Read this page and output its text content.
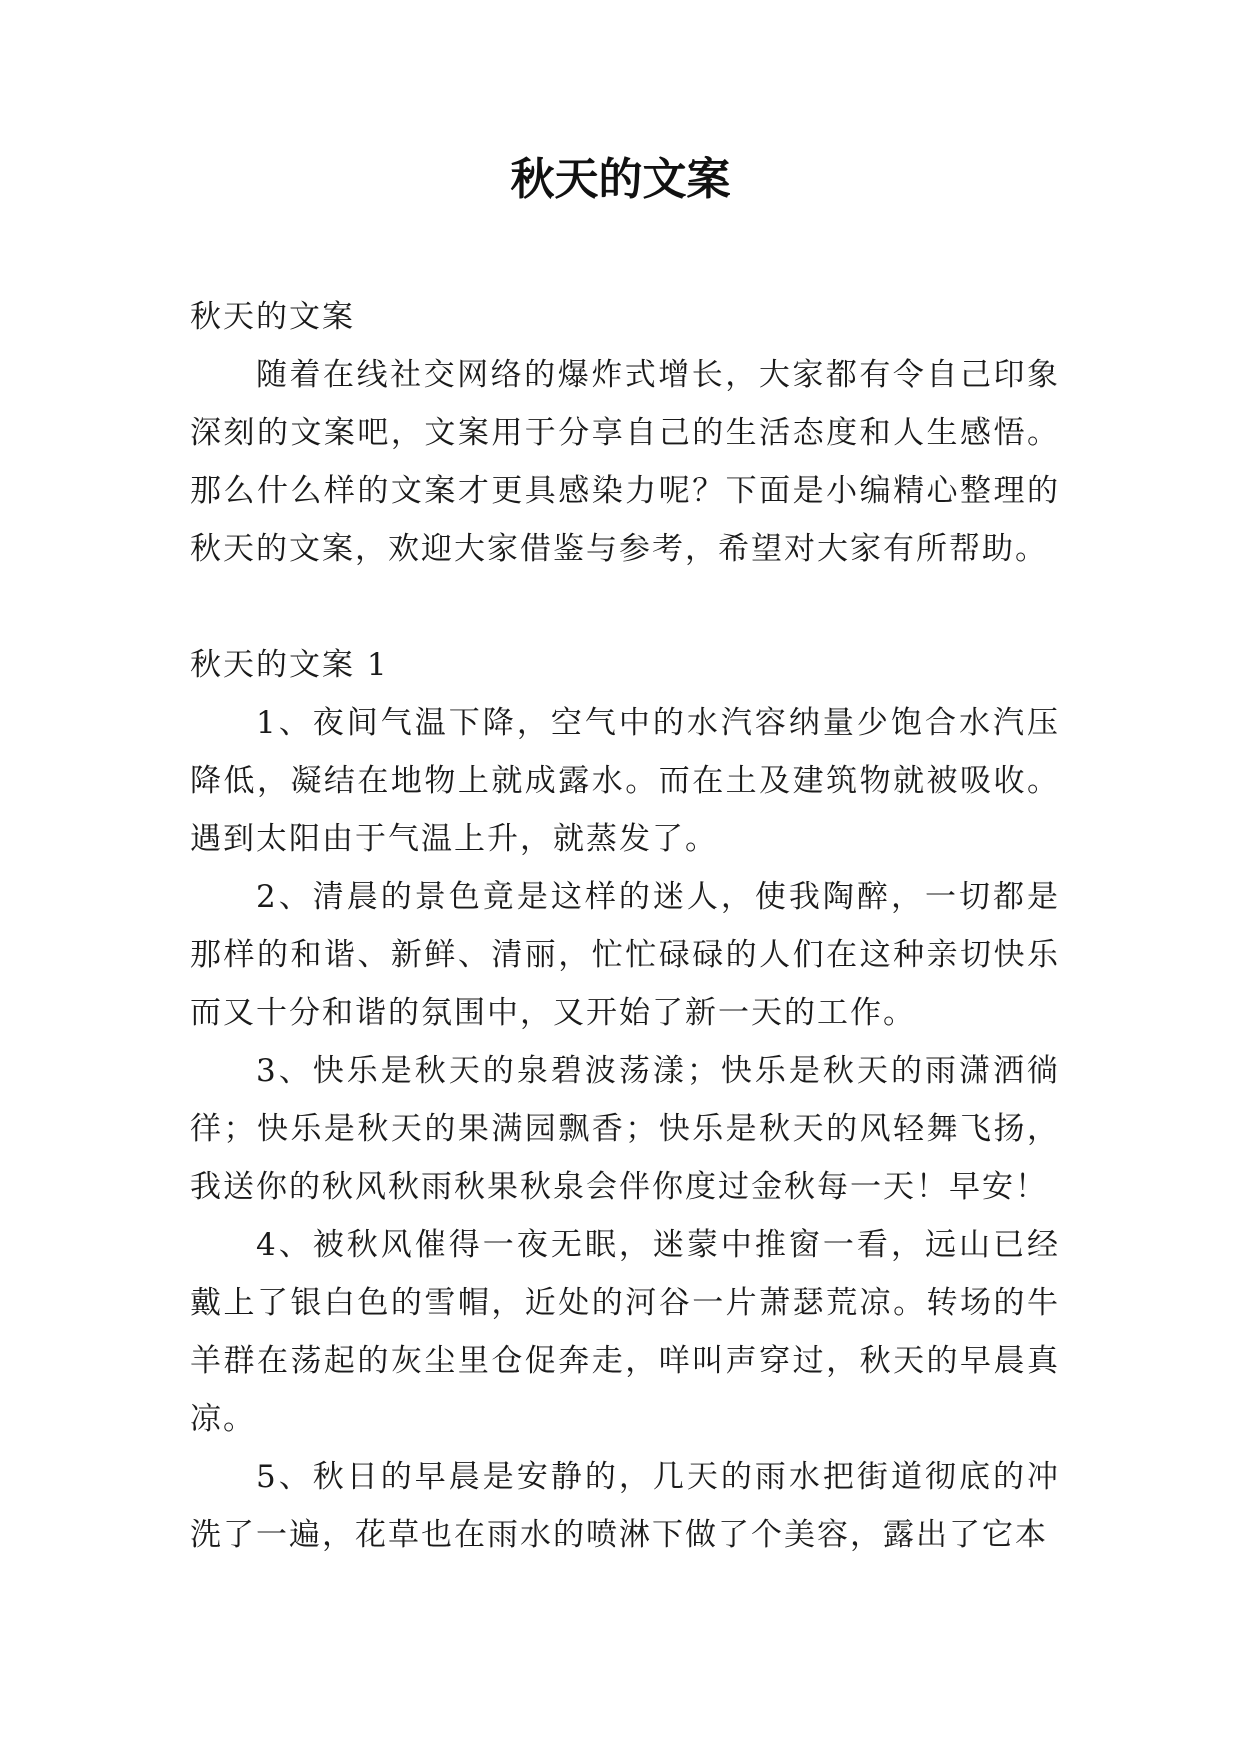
秋天的文案

秋天的文案

随着在线社交网络的爆炸式增长，大家都有令自己印象深刻的文案吧，文案用于分享自己的生活态度和人生感悟。那么什么样的文案才更具感染力呢？下面是小编精心整理的秋天的文案，欢迎大家借鉴与参考，希望对大家有所帮助。

秋天的文案 1

1、夜间气温下降，空气中的水汽容纳量少饱合水汽压降低，凝结在地物上就成露水。而在土及建筑物就被吸收。遇到太阳由于气温上升，就蒸发了。

2、清晨的景色竟是这样的迷人，使我陶醉，一切都是那样的和谐、新鲜、清丽，忙忙碌碌的人们在这种亲切快乐而又十分和谐的氛围中，又开始了新一天的工作。

3、快乐是秋天的泉碧波荡漾；快乐是秋天的雨潇洒徜徉；快乐是秋天的果满园飘香；快乐是秋天的风轻舞飞扬，我送你的秋风秋雨秋果秋泉会伴你度过金秋每一天！早安！

4、被秋风催得一夜无眠，迷蒙中推窗一看，远山已经戴上了银白色的雪帽，近处的河谷一片萧瑟荒凉。转场的牛羊群在荡起的灰尘里仓促奔走，咩叫声穿过，秋天的早晨真凉。

5、秋日的早晨是安静的，几天的雨水把街道彻底的冲洗了一遍，花草也在雨水的喷淋下做了个美容，露出了它本
